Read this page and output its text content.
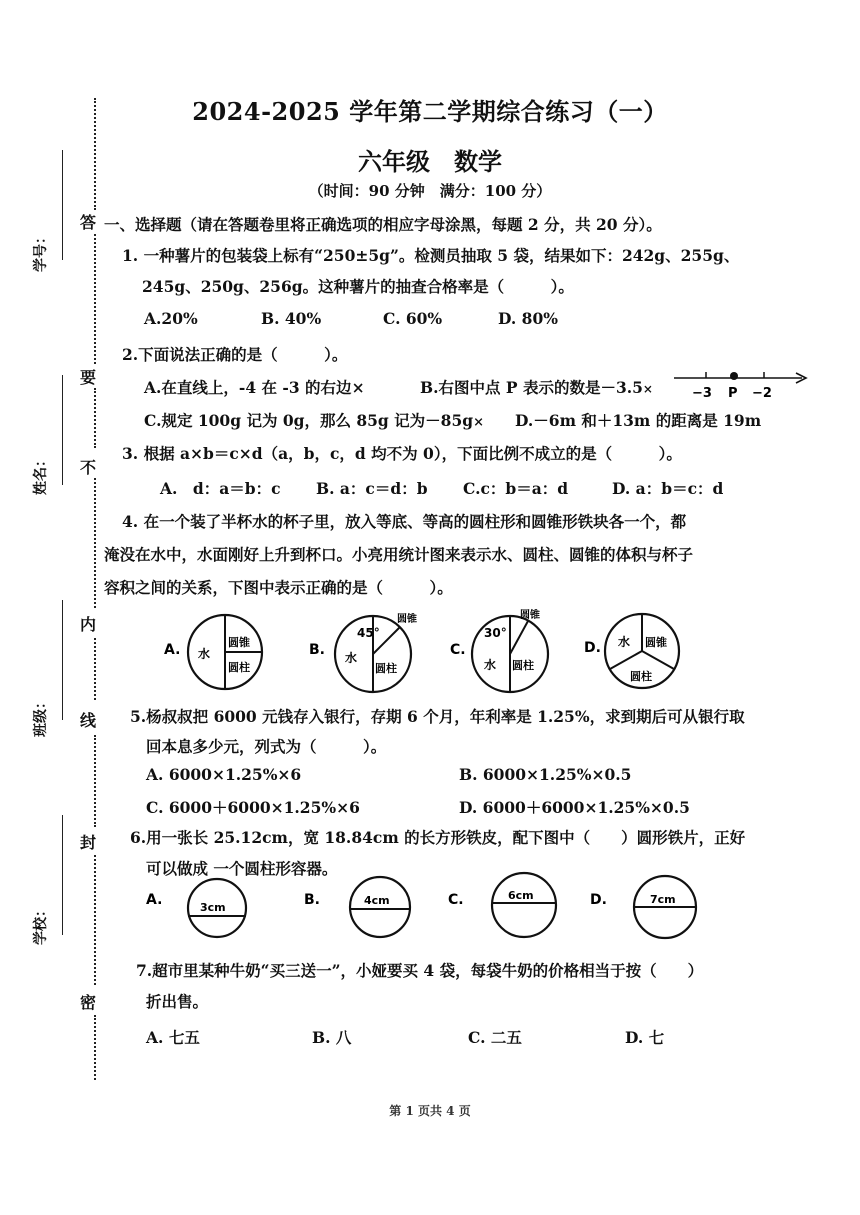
答
要
不
内
线
封
密
学号：
姓名：
班级：
学校：
2024-2025 学年第二学期综合练习（一）
六年级　数学
（时间：90 分钟　满分：100 分）
一、选择题（请在答题卷里将正确选项的相应字母涂黑，每题 2 分，共 20 分）。
1. 一种薯片的包装袋上标有“250±5g”。检测员抽取 5 袋，结果如下：242g、255g、
245g、250g、256g。这种薯片的抽查合格率是（　　　）。
A.20%	B. 40%	C. 60%	D. 80%
2.下面说法正确的是（　　　）。
A.在直线上，-4 在 -3 的右边×	B.右图中点 P 表示的数是－3.5×	−3 P −2
C.规定 100g 记为 0g，那么 85g 记为－85g× D.－6m 和＋13m 的距离是 19m
3. 根据 a×b＝c×d（a，b，c，d 均不为 0），下面比例不成立的是（　　　）。
A.　d：a＝b：c B. a：c＝d：b C.c：b＝a：d	D. a：b＝c：d
4. 在一个装了半杯水的杯子里，放入等底、等高的圆柱形和圆锥形铁块各一个，都
淹没在水中，水面刚好上升到杯口。小亮用统计图来表示水、圆柱、圆锥的体积与杯子
容积之间的关系，下图中表示正确的是（　　　）。
A. 水
圆锥
圆柱
B.
45°
水
圆锥
圆柱
C.
30°
水
圆锥
圆柱
D. 水 圆锥
圆柱
5.杨叔叔把 6000 元钱存入银行，存期 6 个月，年利率是 1.25%，求到期后可从银行取
回本息多少元，列式为（　　　）。
A. 6000×1.25%×6	B. 6000×1.25%×0.5
C. 6000＋6000×1.25%×6	D. 6000＋6000×1.25%×0.5
6.用一张长 25.12cm，宽 18.84cm 的长方形铁皮，配下图中（　　）圆形铁片，正好
可以做成 一个圆柱形容器。
A.	3cm	B.	4cm	C.	6cm	D.	7cm
7.超市里某种牛奶“买三送一”，小娅要买 4 袋，每袋牛奶的价格相当于按（　　）
折出售。
A. 七五	B. 八	C. 二五	D. 七
第 1 页共 4 页
